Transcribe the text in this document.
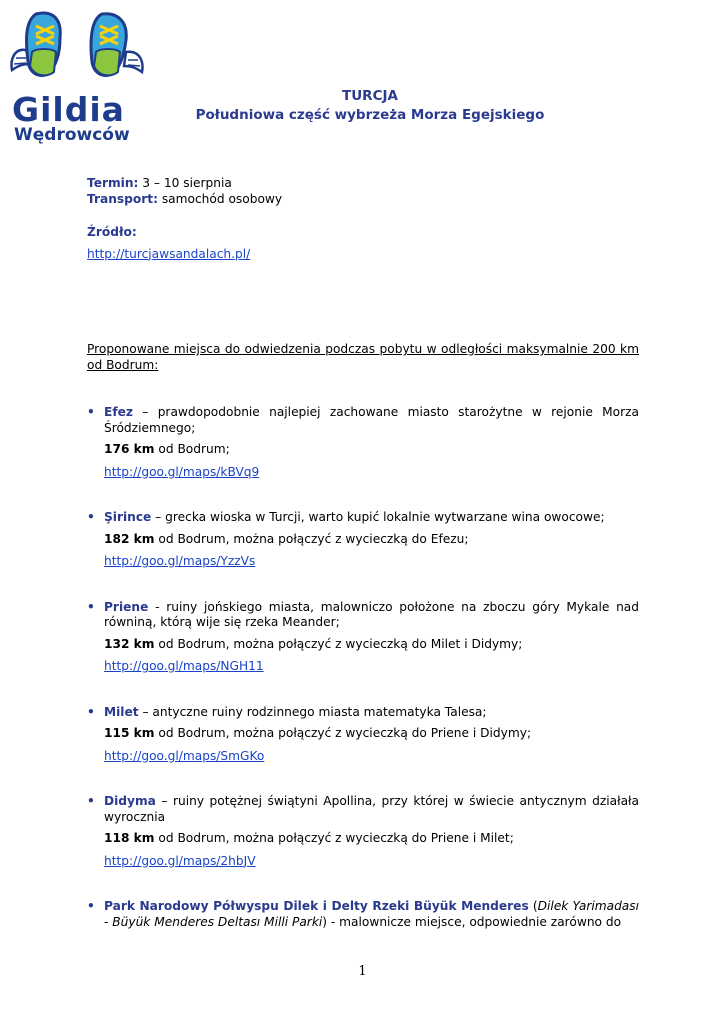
Gildia
Wędrowców
TURCJA
Południowa część wybrzeża Morza Egejskiego

Termin: 3 – 10 sierpnia

Transport: samochód osobowy

Źródło:

http://turcjawsandalach.pl/

Proponowane miejsca do odwiedzenia podczas pobytu w odległości maksymalnie 200 km od Bodrum:

• Efez – prawdopodobnie najlepiej zachowane miasto starożytne w rejonie Morza Śródziemnego;

176 km od Bodrum;

http://goo.gl/maps/kBVq9

• Şirince – grecka wioska w Turcji, warto kupić lokalnie wytwarzane wina owocowe;

182 km od Bodrum, można połączyć z wycieczką do Efezu;

http://goo.gl/maps/YzzVs

• Priene - ruiny jońskiego miasta, malowniczo położone na zboczu góry Mykale nad równiną, którą wije się rzeka Meander;

132 km od Bodrum, można połączyć z wycieczką do Milet i Didymy;

http://goo.gl/maps/NGH11

• Milet – antyczne ruiny rodzinnego miasta matematyka Talesa;

115 km od Bodrum, można połączyć z wycieczką do Priene i Didymy;

http://goo.gl/maps/SmGKo

• Didyma – ruiny potężnej świątyni Apollina, przy której w świecie antycznym działała wyrocznia

118 km od Bodrum, można połączyć z wycieczką do Priene i Milet;

http://goo.gl/maps/2hbJV

• Park Narodowy Półwyspu Dilek i Delty Rzeki Büyük Menderes (Dilek Yarimadası - Büyük Menderes Deltası Milli Parki) - malownicze miejsce, odpowiednie zarówno do

1
